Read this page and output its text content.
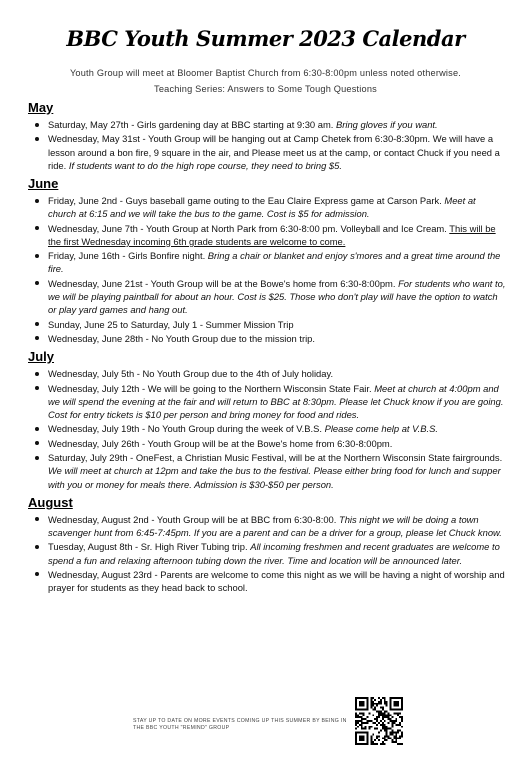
BBC Youth Summer 2023 Calendar
Youth Group will meet at Bloomer Baptist Church from 6:30-8:00pm unless noted otherwise.
Teaching Series: Answers to Some Tough Questions
May
Saturday, May 27th - Girls gardening day at BBC starting at 9:30 am. Bring gloves if you want.
Wednesday, May 31st - Youth Group will be hanging out at Camp Chetek from 6:30-8:30pm. We will have a lesson around a bon fire, 9 square in the air, and Please meet us at the camp, or contact Chuck if you need a ride. If students want to do the high rope course, they need to bring $5.
June
Friday, June 2nd - Guys baseball game outing to the Eau Claire Express game at Carson Park. Meet at church at 6:15 and we will take the bus to the game. Cost is $5 for admission.
Wednesday, June 7th - Youth Group at North Park from 6:30-8:00 pm. Volleyball and Ice Cream. This will be the first Wednesday incoming 6th grade students are welcome to come.
Friday, June 16th - Girls Bonfire night. Bring a chair or blanket and enjoy s'mores and a great time around the fire.
Wednesday, June 21st - Youth Group will be at the Bowe's home from 6:30-8:00pm. For students who want to, we will be playing paintball for about an hour. Cost is $25. Those who don't play will have the option to watch or play yard games and hang out.
Sunday, June 25 to Saturday, July 1 - Summer Mission Trip
Wednesday, June 28th - No Youth Group due to the mission trip.
July
Wednesday, July 5th - No Youth Group due to the 4th of July holiday.
Wednesday, July 12th - We will be going to the Northern Wisconsin State Fair. Meet at church at 4:00pm and we will spend the evening at the fair and will return to BBC at 8:30pm. Please let Chuck know if you are going. Cost for entry tickets is $10 per person and bring money for food and rides.
Wednesday, July 19th - No Youth Group during the week of V.B.S. Please come help at V.B.S.
Wednesday, July 26th - Youth Group will be at the Bowe's home from 6:30-8:00pm.
Saturday, July 29th - OneFest, a Christian Music Festival, will be at the Northern Wisconsin State fairgrounds. We will meet at church at 12pm and take the bus to the festival. Please either bring food for lunch and supper with you or money for meals there. Admission is $30-$50 per person.
August
Wednesday, August 2nd - Youth Group will be at BBC from 6:30-8:00. This night we will be doing a town scavenger hunt from 6:45-7:45pm. If you are a parent and can be a driver for a group, please let Chuck know.
Tuesday, August 8th - Sr. High River Tubing trip. All incoming freshmen and recent graduates are welcome to spend a fun and relaxing afternoon tubing down the river. Time and location will be announced later.
Wednesday, August 23rd - Parents are welcome to come this night as we will be having a night of worship and prayer for students as they head back to school.
STAY UP TO DATE ON MORE EVENTS COMING UP THIS SUMMER BY BEING IN THE BBC YOUTH "REMIND" GROUP
